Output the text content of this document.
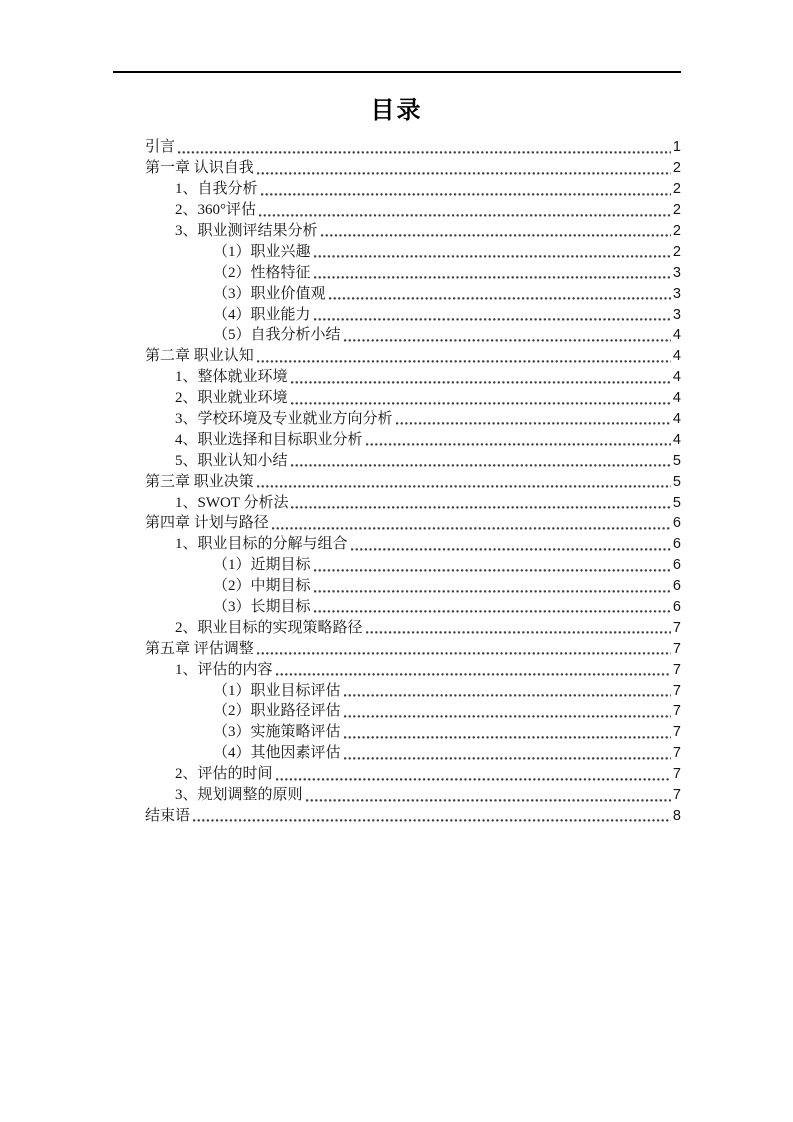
目录
引言	1
第一章 认识自我	2
1、自我分析	2
2、360°评估	2
3、职业测评结果分析	2
（1）职业兴趣	2
（2）性格特征	3
（3）职业价值观	3
（4）职业能力	3
（5）自我分析小结	4
第二章 职业认知	4
1、整体就业环境	4
2、职业就业环境	4
3、学校环境及专业就业方向分析	4
4、职业选择和目标职业分析	4
5、职业认知小结	5
第三章 职业决策	5
1、SWOT 分析法	5
第四章 计划与路径	6
1、职业目标的分解与组合	6
（1）近期目标	6
（2）中期目标	6
（3）长期目标	6
2、职业目标的实现策略路径	7
第五章 评估调整	7
1、评估的内容	7
（1）职业目标评估	7
（2）职业路径评估	7
（3）实施策略评估	7
（4）其他因素评估	7
2、评估的时间	7
3、规划调整的原则	7
结束语	8
